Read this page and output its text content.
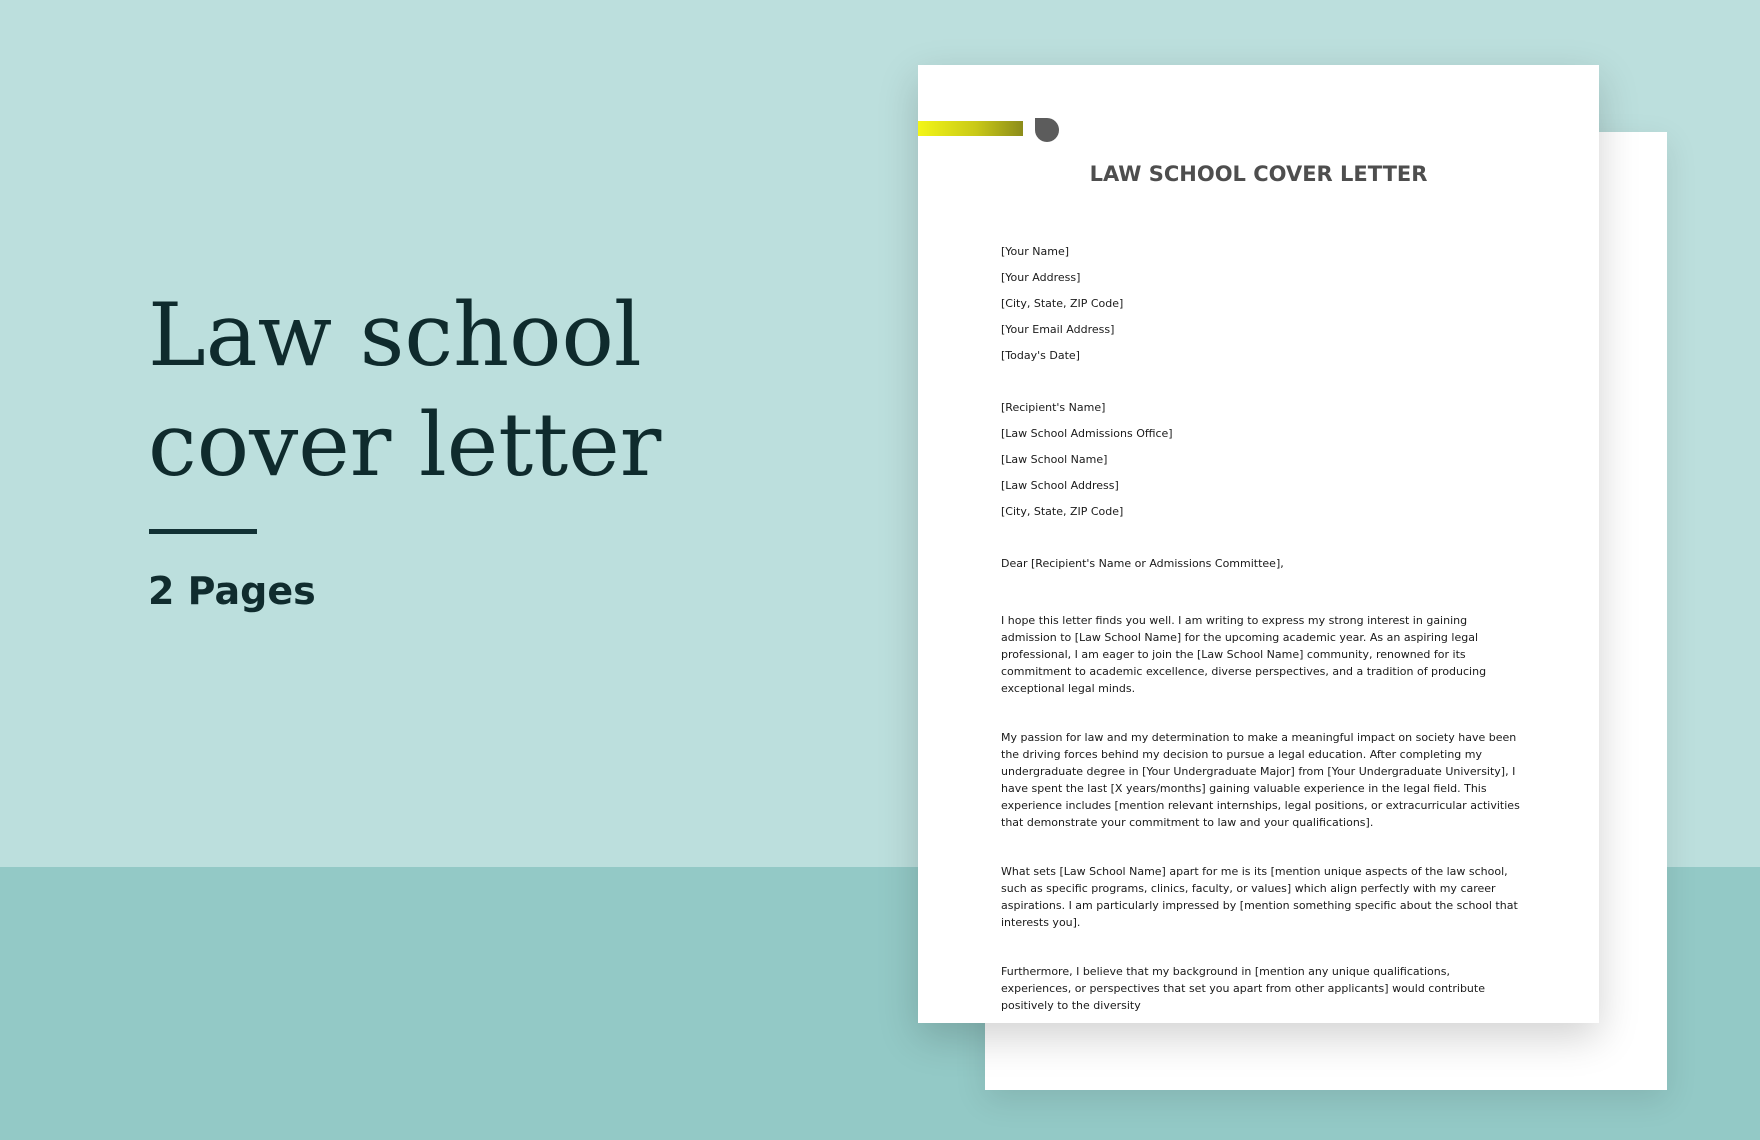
Law school
cover letter
2 Pages
LAW SCHOOL COVER LETTER
[Your Name]
[Your Address]
[City, State, ZIP Code]
[Your Email Address]
[Today's Date]
[Recipient's Name]
[Law School Admissions Office]
[Law School Name]
[Law School Address]
[City, State, ZIP Code]
Dear [Recipient's Name or Admissions Committee],
I hope this letter finds you well. I am writing to express my strong interest in gaining admission to [Law School Name] for the upcoming academic year. As an aspiring legal professional, I am eager to join the [Law School Name] community, renowned for its commitment to academic excellence, diverse perspectives, and a tradition of producing exceptional legal minds.
My passion for law and my determination to make a meaningful impact on society have been the driving forces behind my decision to pursue a legal education. After completing my undergraduate degree in [Your Undergraduate Major] from [Your Undergraduate University], I have spent the last [X years/months] gaining valuable experience in the legal field. This experience includes [mention relevant internships, legal positions, or extracurricular activities that demonstrate your commitment to law and your qualifications].
What sets [Law School Name] apart for me is its [mention unique aspects of the law school, such as specific programs, clinics, faculty, or values] which align perfectly with my career aspirations. I am particularly impressed by [mention something specific about the school that interests you].
Furthermore, I believe that my background in [mention any unique qualifications, experiences, or perspectives that set you apart from other applicants] would contribute positively to the diversity
